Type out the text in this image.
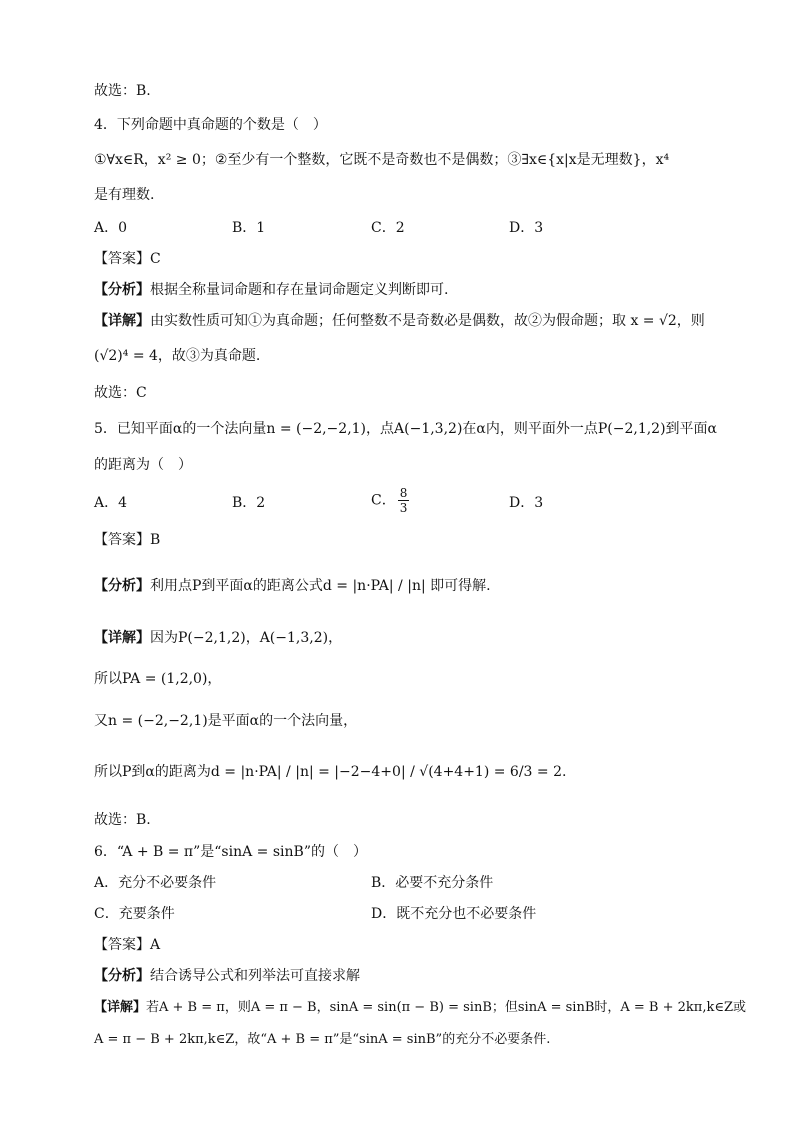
故选：B.
4．下列命题中真命题的个数是（　）
①∀x∈R，x² ≥ 0；②至少有一个整数，它既不是奇数也不是偶数；③∃x∈{x|x是无理数}，x⁴
是有理数.
A．0	B．1	C．2	D．3
【答案】C
【分析】根据全称量词命题和存在量词命题定义判断即可.
【详解】由实数性质可知①为真命题；任何整数不是奇数必是偶数，故②为假命题；取 x = √2，则
(√2)⁴ = 4，故③为真命题.
故选：C
5．已知平面α的一个法向量n = (−2,−2,1)，点A(−1,3,2)在α内，则平面外一点P(−2,1,2)到平面α
的距离为（　）
A．4	B．2	C． $\frac{8}{3}$	D．3
【答案】B
【分析】利用点P到平面α的距离公式d = |n·PA| / |n| 即可得解.
【详解】因为P(−2,1,2)，A(−1,3,2)，
所以PA = (1,2,0)，
又n = (−2,−2,1)是平面α的一个法向量，
所以P到α的距离为d = |n·PA| / |n| = |−2−4+0| / √(4+4+1) = 6/3 = 2.
故选：B.
6．“A + B = π”是“sinA = sinB”的（　）
A．充分不必要条件	B．必要不充分条件
C．充要条件	D．既不充分也不必要条件
【答案】A
【分析】结合诱导公式和列举法可直接求解
【详解】若A + B = π，则A = π − B，sinA = sin(π − B) = sinB；但sinA = sinB时，A = B + 2kπ,k∈Z或
A = π − B + 2kπ,k∈Z，故“A + B = π”是“sinA = sinB”的充分不必要条件.
